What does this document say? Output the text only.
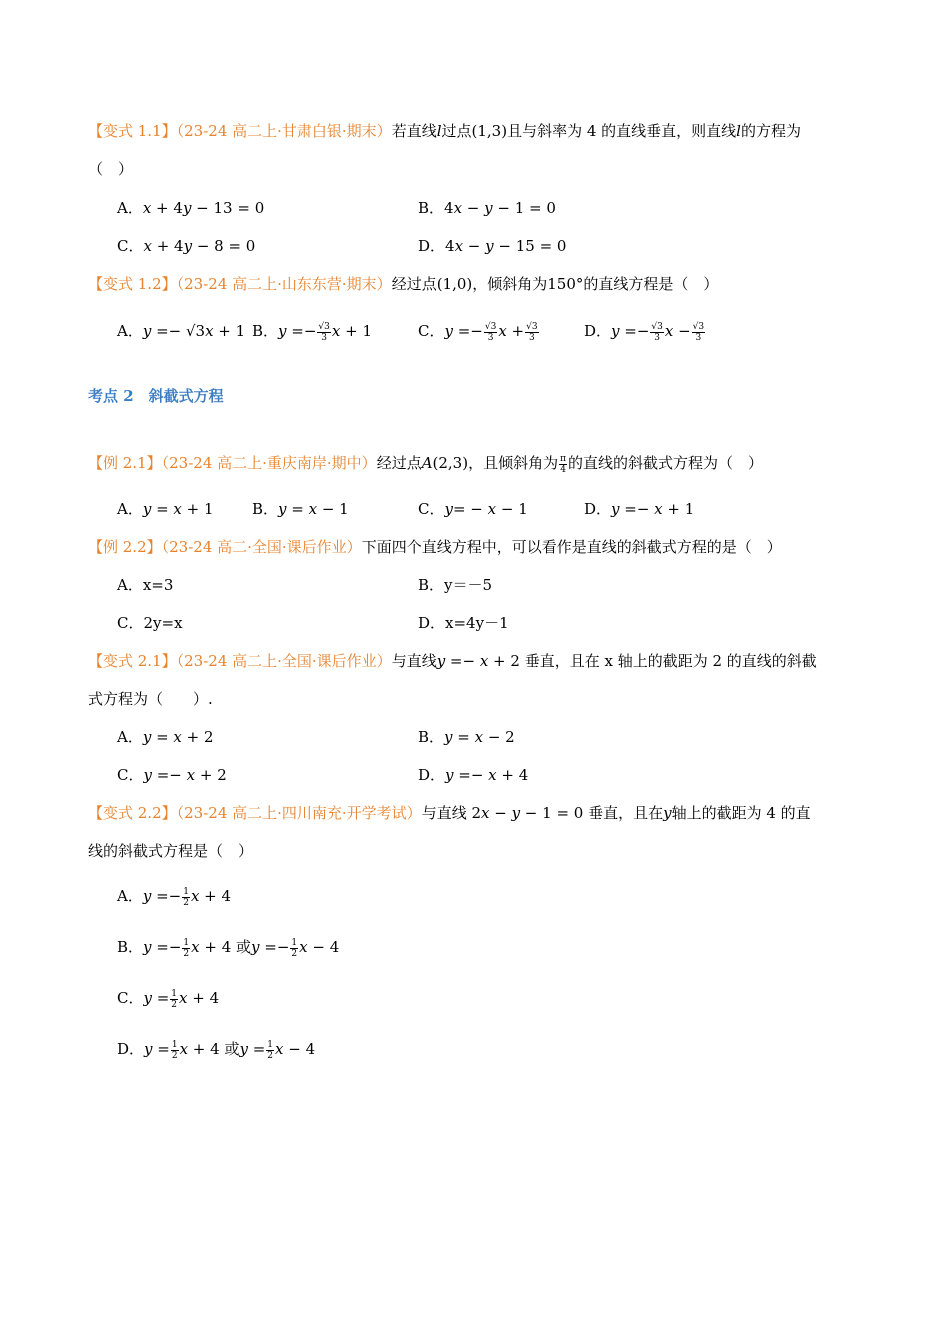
【变式 1.1】（23-24 高二上·甘肃白银·期末）若直线l过点(1,3)且与斜率为 4 的直线垂直，则直线l的方程为
（　）
A．𝑥 + 4𝑦 − 13 = 0	B．4𝑥 − 𝑦 − 1 = 0
C．𝑥 + 4𝑦 − 8 = 0	D．4𝑥 − 𝑦 − 15 = 0
【变式 1.2】（23-24 高二上·山东东营·期末）经过点(1,0)，倾斜角为150°的直线方程是（　）
A．𝑦 =− √3𝑥 + 1 B．𝑦 =− $\frac{√3}{3}$ 𝑥 + 1	C．𝑦 =− $\frac{√3}{3}$ 𝑥 + $\frac{√3}{3}$	D．𝑦 =− $\frac{√3}{3}$ 𝑥 − $\frac{√3}{3}$
考点 2　斜截式方程
【例 2.1】（23-24 高二上·重庆南岸·期中）经过点𝐴(2,3)，且倾斜角为 $\frac{\pi}{4}$ 的直线的斜截式方程为（　）
A．𝑦 = 𝑥 + 1	B．𝑦 = 𝑥 − 1	C．𝑦= − 𝑥 − 1	D．𝑦 =− 𝑥 + 1
【例 2.2】（23-24 高二·全国·课后作业）下面四个直线方程中，可以看作是直线的斜截式方程的是（　）
A．x=3	B．y＝－5
C．2y=x	D．x=4y－1
【变式 2.1】（23-24 高二上·全国·课后作业）与直线𝑦 =− 𝑥 + 2 垂直，且在 x 轴上的截距为 2 的直线的斜截
式方程为（　　）.
A．𝑦 = 𝑥 + 2	B．𝑦 = 𝑥 − 2
C．𝑦 =− 𝑥 + 2	D．𝑦 =− 𝑥 + 4
【变式 2.2】（23-24 高二上·四川南充·开学考试）与直线 2𝑥 − 𝑦 − 1 = 0 垂直，且在𝑦轴上的截距为 4 的直
线的斜截式方程是（　）
A．𝑦 =− $\frac{1}{2}$ 𝑥 + 4
B．𝑦 =− $\frac{1}{2}$ 𝑥 + 4 或𝑦 =− $\frac{1}{2}$ 𝑥 − 4
C．𝑦 = $\frac{1}{2}$ 𝑥 + 4
D．𝑦 = $\frac{1}{2}$ 𝑥 + 4 或𝑦 = $\frac{1}{2}$ 𝑥 − 4
